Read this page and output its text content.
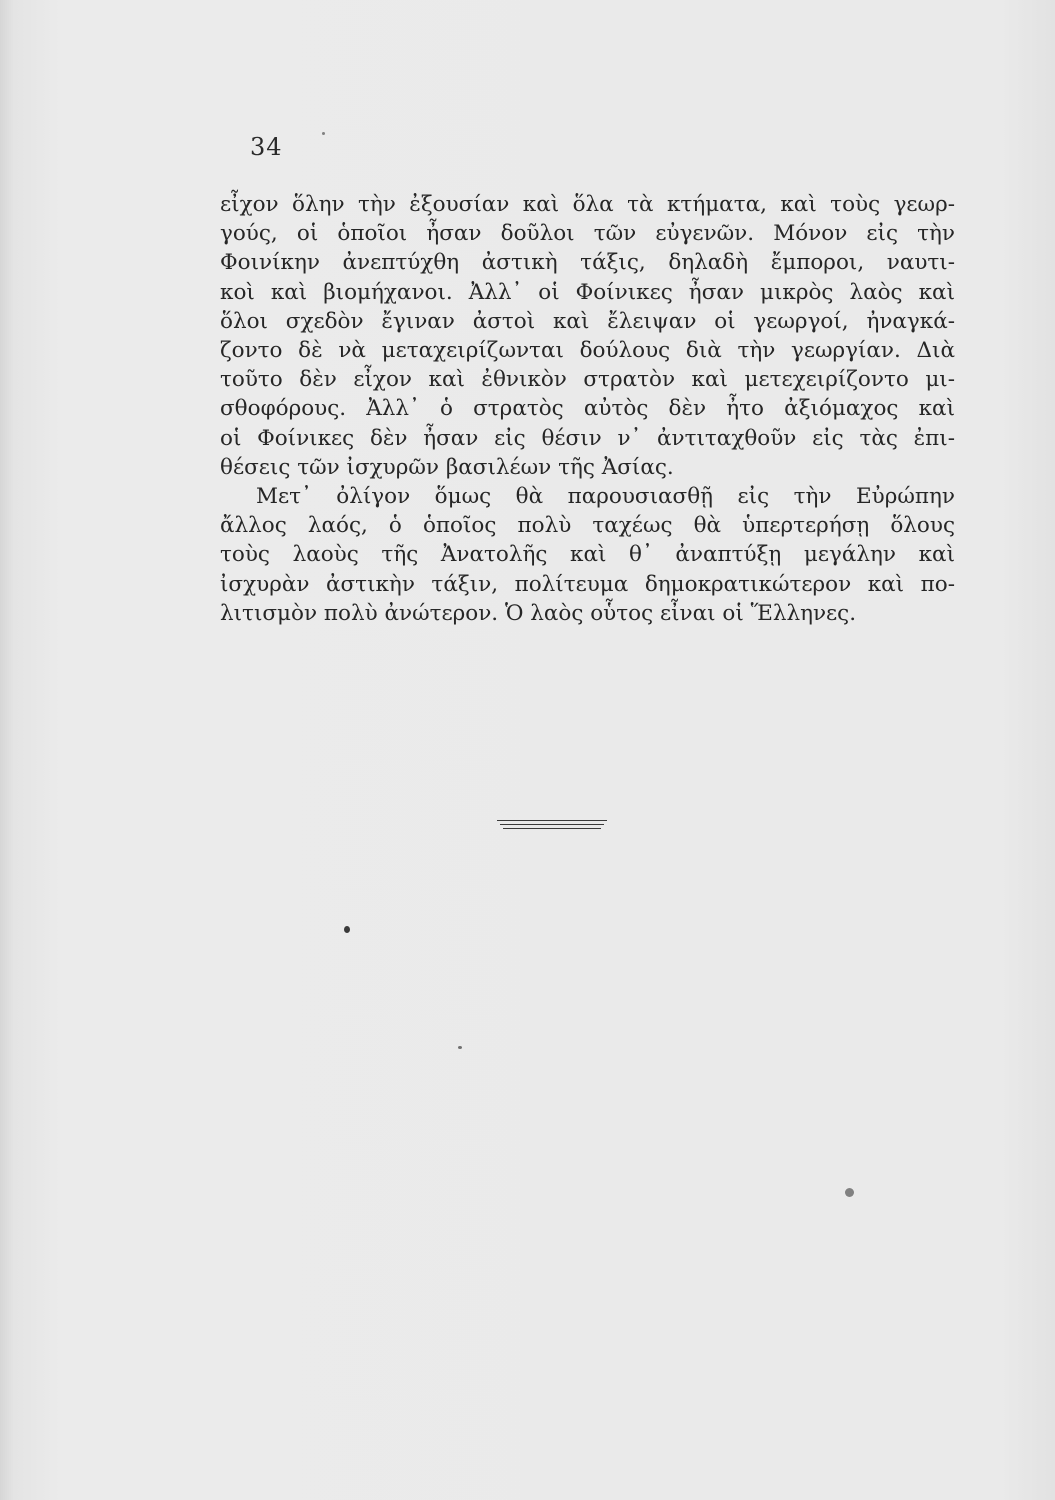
34
εἶχον ὅλην τὴν ἐξουσίαν καὶ ὅλα τὰ κτήματα, καὶ τοὺς γεωρ-
γούς, οἱ ὁποῖοι ἦσαν δοῦλοι τῶν εὐγενῶν. Μόνον εἰς τὴν
Φοινίκην ἀνεπτύχθη ἀστικὴ τάξις, δηλαδὴ ἔμποροι, ναυτι-
κοὶ καὶ βιομήχανοι. Ἀλλ᾿ οἱ Φοίνικες ἦσαν μικρὸς λαὸς καὶ
ὅλοι σχεδὸν ἔγιναν ἀστοὶ καὶ ἔλειψαν οἱ γεωργοί, ἠναγκά-
ζοντο δὲ νὰ μεταχειρίζωνται δούλους διὰ τὴν γεωργίαν. Διὰ
τοῦτο δὲν εἶχον καὶ ἐθνικὸν στρατὸν καὶ μετεχειρίζοντο μι-
σθοφόρους. Ἀλλ᾿ ὁ στρατὸς αὐτὸς δὲν ἦτο ἀξιόμαχος καὶ
οἱ Φοίνικες δὲν ἦσαν εἰς θέσιν ν᾿ ἀντιταχθοῦν εἰς τὰς ἐπι-
θέσεις τῶν ἰσχυρῶν βασιλέων τῆς Ἀσίας.
Μετ᾿ ὀλίγον ὅμως θὰ παρουσιασθῇ εἰς τὴν Εὐρώπην
ἄλλος λαός, ὁ ὁποῖος πολὺ ταχέως θὰ ὑπερτερήσῃ ὅλους
τοὺς λαοὺς τῆς Ἀνατολῆς καὶ θ᾿ ἀναπτύξῃ μεγάλην καὶ
ἰσχυρὰν ἀστικὴν τάξιν, πολίτευμα δημοκρατικώτερον καὶ πο-
λιτισμὸν πολὺ ἀνώτερον. Ὁ λαὸς οὗτος εἶναι οἱ Ἕλληνες.
